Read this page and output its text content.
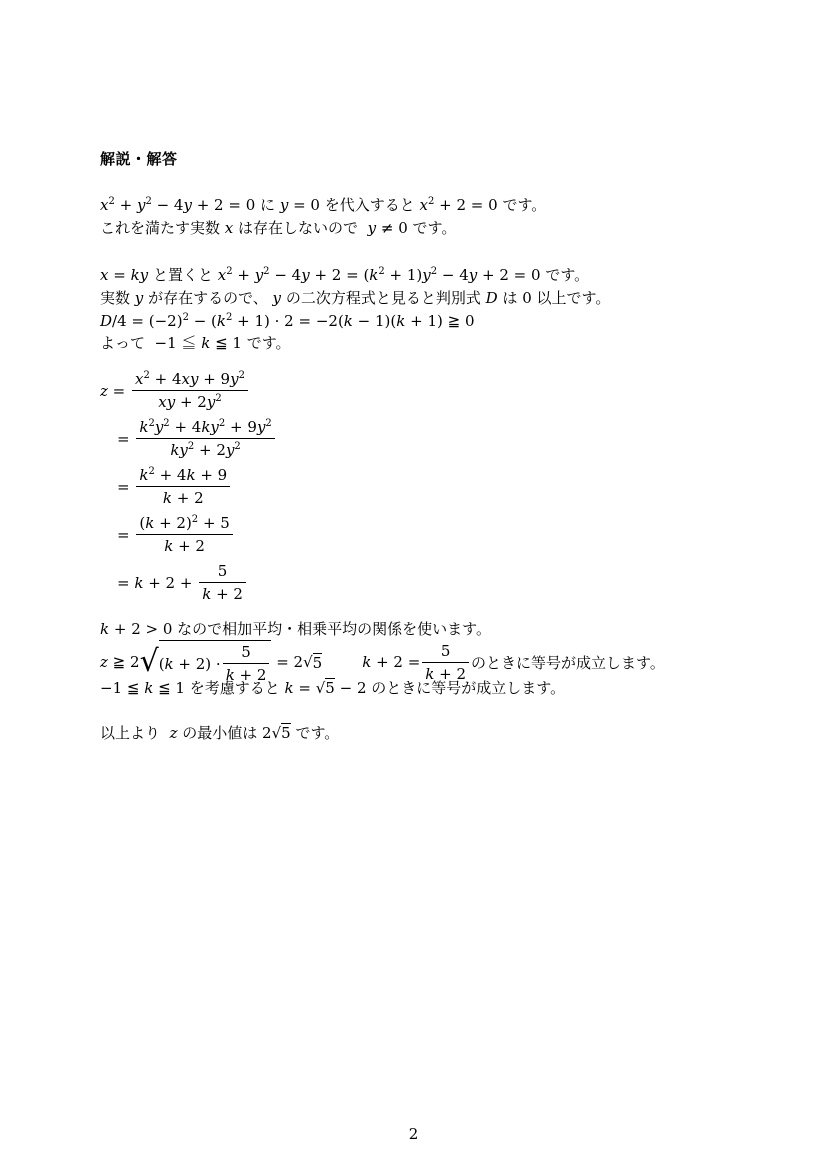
解説・解答
$x^2 + y^2 - 4y + 2 = 0$ に y = 0 を代入すると $x^2 + 2 = 0$ です。
これを満たす実数 x は存在しないので y ≠ 0 です。
x = ky と置くと $x^2 + y^2 - 4y + 2 = (k^2 + 1)y^2 - 4y + 2 = 0$ です。
実数 y が存在するので、 y の二次方程式と見ると判別式 D は 0 以上です。
$D/4 = (-2)^2 - (k^2 + 1) \cdot 2 = -2(k - 1)(k + 1)$ ≧ 0
よって  −1 ≦ k ≦ 1 です。
$z = \frac{x^2 + 4xy + 9y^2}{xy + 2y^2}$
= $\frac{k^2y^2 + 4ky^2 + 9y^2}{ky^2 + 2y^2}$
= $\frac{k^2 + 4k + 9}{k + 2}$
= $\frac{(k + 2)^2 + 5}{k + 2}$
= $k + 2 + \frac{5}{k + 2}$
k + 2 > 0 なので相加平均・相乗平均の関係を使います。
z ≧ 2 √ ( $k + 2) \cdot \frac{5}{k + 2} = 2√$ 5	$k + 2 = \frac{5}{k + 2}$ のときに等号が成立します。
−1 ≦ k ≦ 1 を考慮すると k = √5 − 2 のときに等号が成立します。
以上より z の最小値は 2√5 です。
2
